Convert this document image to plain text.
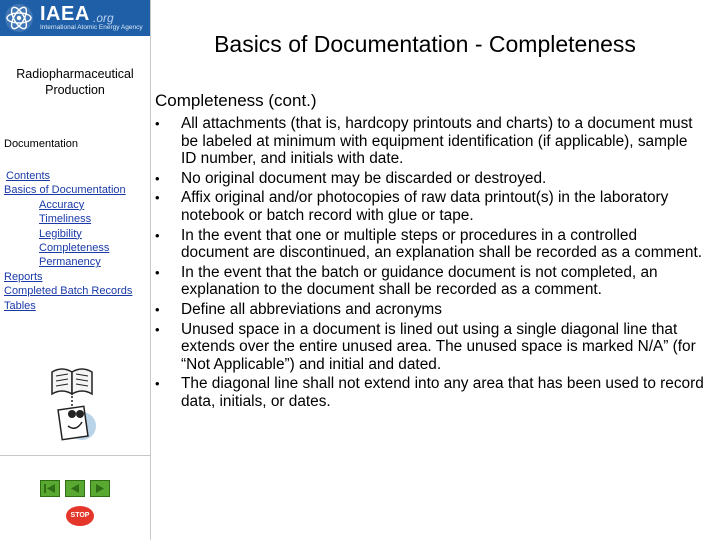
IAEA .org
International Atomic Energy Agency
Radiopharmaceutical Production
Documentation
Contents
Basics of Documentation
Accuracy
Timeliness
Legibility
Completeness
Permanency
Reports
Completed Batch Records
Tables
STOP
Basics of Documentation - Completeness
Completeness (cont.)
• All attachments (that is, hardcopy printouts and charts) to a document must be labeled at minimum with equipment identification (if applicable), sample ID number, and initials with date.
• No original document may be discarded or destroyed.
• Affix original and/or photocopies of raw data printout(s) in the laboratory notebook or batch record with glue or tape.
• In the event that one or multiple steps or procedures in a controlled document are discontinued, an explanation shall be recorded as a comment.
• In the event that the batch or guidance document is not completed, an explanation to the document shall be recorded as a comment.
• Define all abbreviations and acronyms
• Unused space in a document is lined out using a single diagonal line that extends over the entire unused area. The unused space is marked N/A” (for “Not Applicable”) and initial and dated.
• The diagonal line shall not extend into any area that has been used to record data, initials, or dates.
